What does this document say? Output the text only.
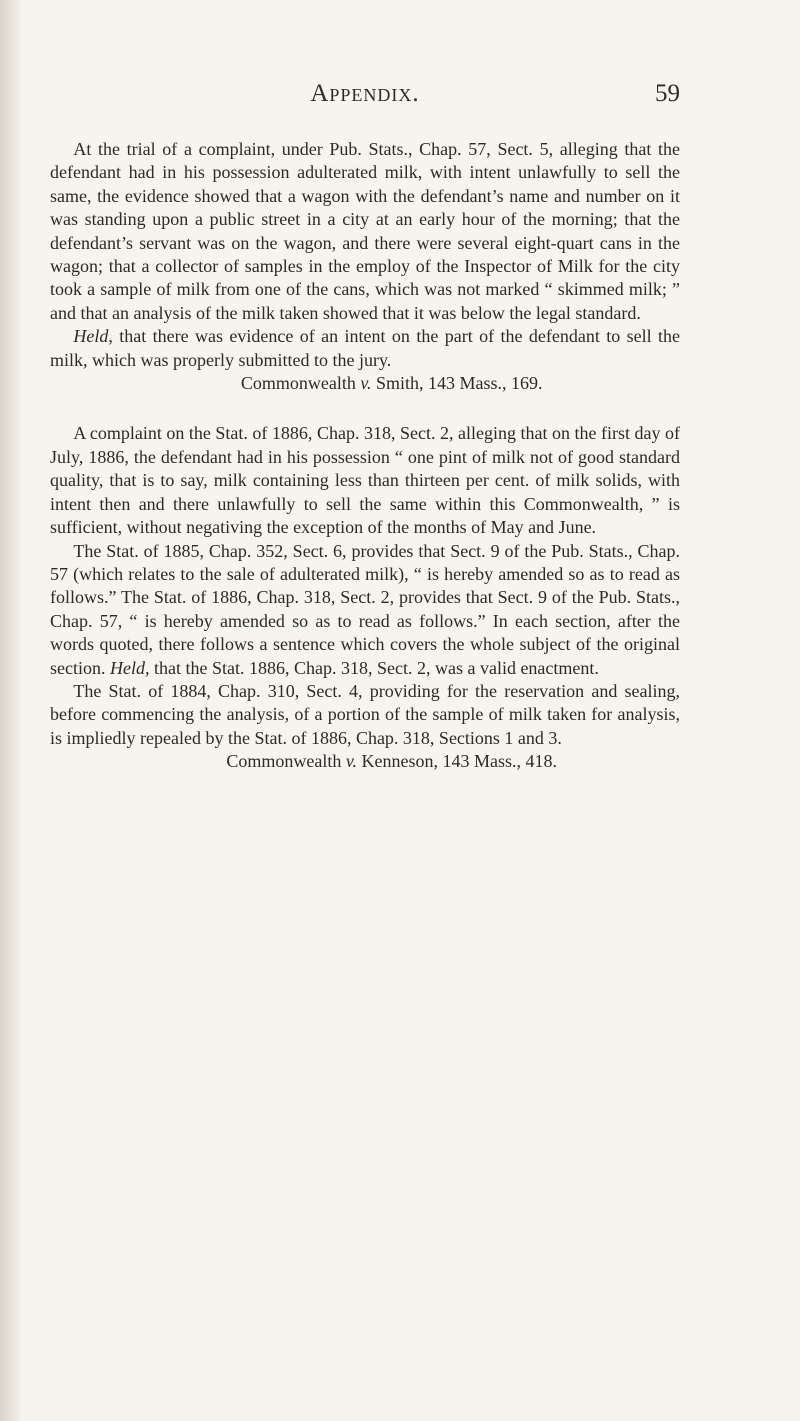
Appendix.	59

At the trial of a complaint, under Pub. Stats., Chap. 57, Sect. 5, alleging that the defendant had in his possession adulterated milk, with intent unlawfully to sell the same, the evidence showed that a wagon with the defendant’s name and number on it was standing upon a public street in a city at an early hour of the morning; that the defendant’s servant was on the wagon, and there were several eight-quart cans in the wagon; that a collector of samples in the employ of the Inspector of Milk for the city took a sample of milk from one of the cans, which was not marked “ skimmed milk; ” and that an analysis of the milk taken showed that it was below the legal standard.

Held, that there was evidence of an intent on the part of the defendant to sell the milk, which was properly submitted to the jury.

Commonwealth v. Smith, 143 Mass., 169.

A complaint on the Stat. of 1886, Chap. 318, Sect. 2, alleging that on the first day of July, 1886, the defendant had in his possession “ one pint of milk not of good standard quality, that is to say, milk containing less than thirteen per cent. of milk solids, with intent then and there unlawfully to sell the same within this Commonwealth, ” is sufficient, without negativing the exception of the months of May and June.

The Stat. of 1885, Chap. 352, Sect. 6, provides that Sect. 9 of the Pub. Stats., Chap. 57 (which relates to the sale of adulterated milk), “ is hereby amended so as to read as follows.” The Stat. of 1886, Chap. 318, Sect. 2, provides that Sect. 9 of the Pub. Stats., Chap. 57, “ is hereby amended so as to read as follows.” In each section, after the words quoted, there follows a sentence which covers the whole subject of the original section. Held, that the Stat. 1886, Chap. 318, Sect. 2, was a valid enactment.

The Stat. of 1884, Chap. 310, Sect. 4, providing for the reservation and sealing, before commencing the analysis, of a portion of the sample of milk taken for analysis, is impliedly repealed by the Stat. of 1886, Chap. 318, Sections 1 and 3.

Commonwealth v. Kenneson, 143 Mass., 418.
